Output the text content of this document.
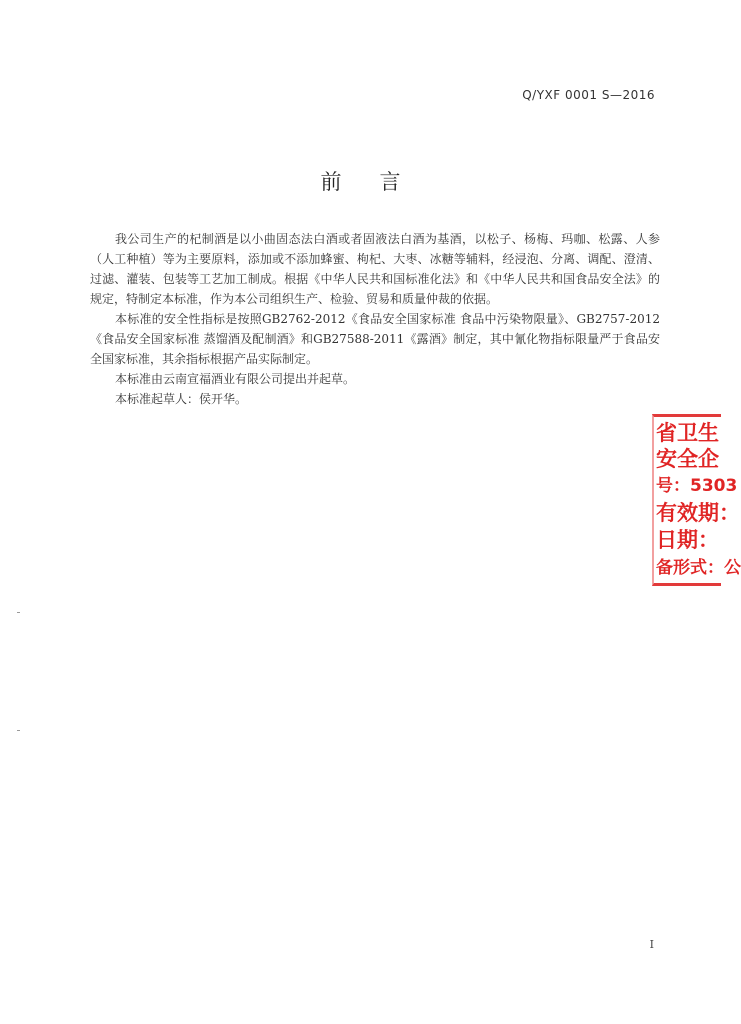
Q/YXF 0001 S—2016
前言

我公司生产的杞制酒是以小曲固态法白酒或者固液法白酒为基酒，以松子、杨梅、玛咖、松露、人参（人工种植）等为主要原料，添加或不添加蜂蜜、枸杞、大枣、冰糖等辅料，经浸泡、分离、调配、澄清、过滤、灌装、包装等工艺加工制成。根据《中华人民共和国标准化法》和《中华人民共和国食品安全法》的规定，特制定本标准，作为本公司组织生产、检验、贸易和质量仲裁的依据。

本标准的安全性指标是按照GB2762-2012《食品安全国家标准 食品中污染物限量》、GB2757-2012《食品安全国家标准 蒸馏酒及配制酒》和GB27588-2011《露酒》制定，其中氰化物指标限量严于食品安全国家标准，其余指标根据产品实际制定。

本标准由云南宣福酒业有限公司提出并起草。

本标准起草人：侯开华。

省卫生
安全企
号：5303
有效期：
日期：
备形式：公
I
